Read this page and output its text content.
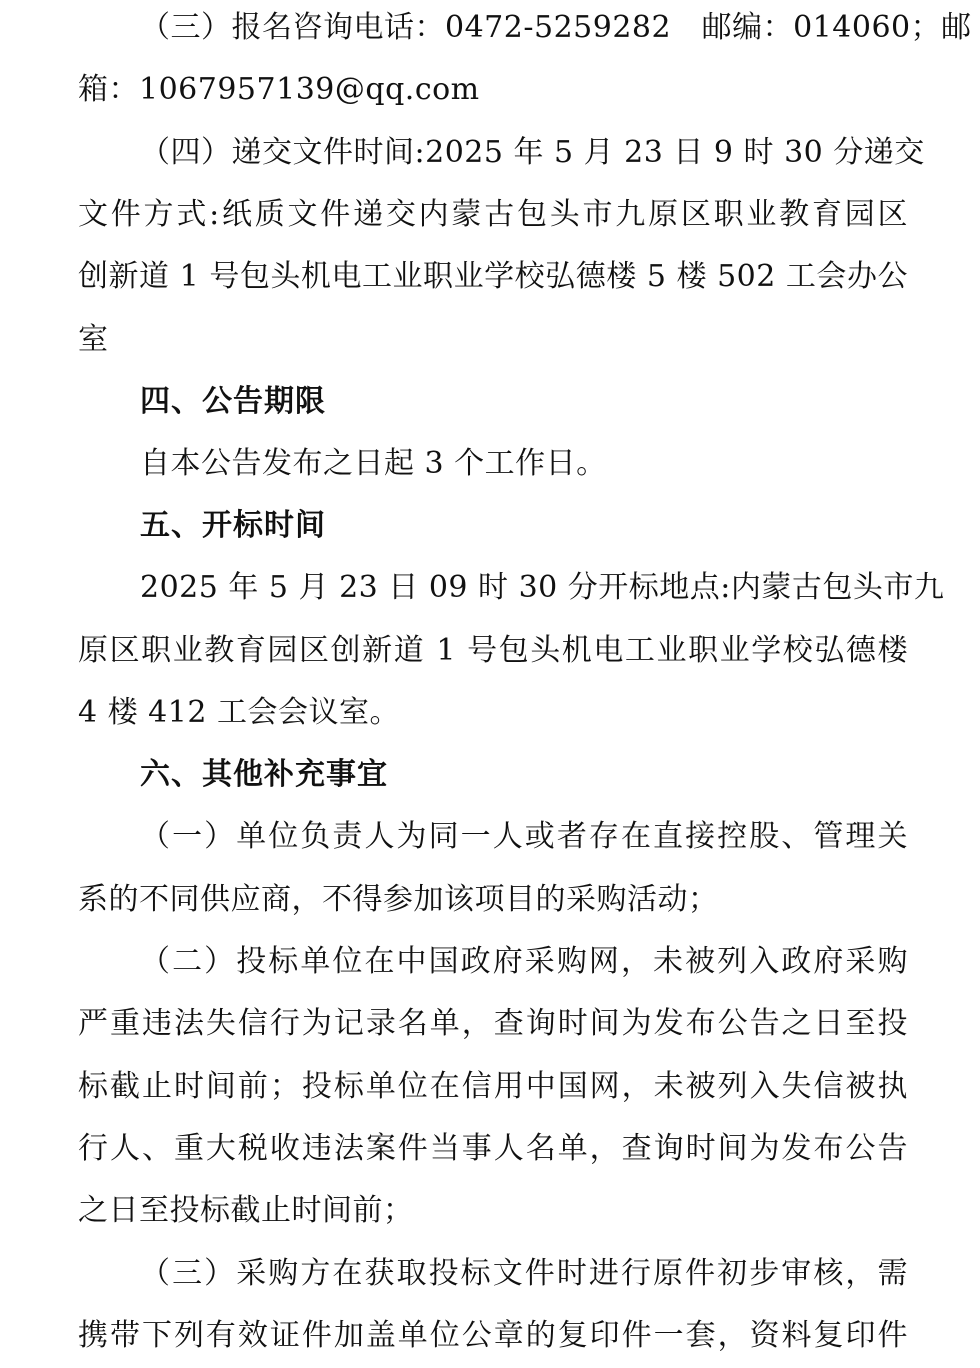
（三）报名咨询电话：0472-5259282　邮编：014060；邮
箱：1067957139@qq.com
（四）递交文件时间:2025 年 5 月 23 日 9 时 30 分递交
文件方式:纸质文件递交内蒙古包头市九原区职业教育园区
创新道 1 号包头机电工业职业学校弘德楼 5 楼 502 工会办公
室
四、公告期限
自本公告发布之日起 3 个工作日。
五、开标时间
2025 年 5 月 23 日 09 时 30 分开标地点:内蒙古包头市九
原区职业教育园区创新道 1 号包头机电工业职业学校弘德楼
4 楼 412 工会会议室。
六、其他补充事宜
（一）单位负责人为同一人或者存在直接控股、管理关
系的不同供应商，不得参加该项目的采购活动；
（二）投标单位在中国政府采购网，未被列入政府采购
严重违法失信行为记录名单，查询时间为发布公告之日至投
标截止时间前；投标单位在信用中国网，未被列入失信被执
行人、重大税收违法案件当事人名单，查询时间为发布公告
之日至投标截止时间前；
（三）采购方在获取投标文件时进行原件初步审核，需
携带下列有效证件加盖单位公章的复印件一套，资料复印件
